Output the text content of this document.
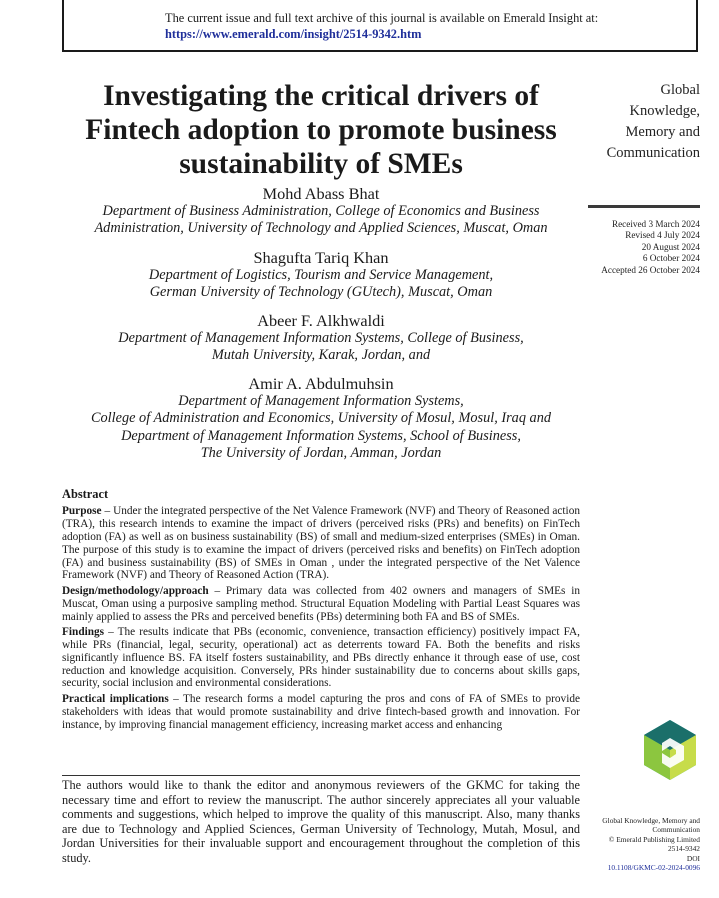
The current issue and full text archive of this journal is available on Emerald Insight at:
https://www.emerald.com/insight/2514-9342.htm
Investigating the critical drivers of
Fintech adoption to promote business
sustainability of SMEs
Global
Knowledge,
Memory and
Communication
Received 3 March 2024
Revised 4 July 2024
20 August 2024
6 October 2024
Accepted 26 October 2024
Mohd Abass Bhat
Department of Business Administration, College of Economics and Business
Administration, University of Technology and Applied Sciences, Muscat, Oman
Shagufta Tariq Khan
Department of Logistics, Tourism and Service Management,
German University of Technology (GUtech), Muscat, Oman
Abeer F. Alkhwaldi
Department of Management Information Systems, College of Business,
Mutah University, Karak, Jordan, and
Amir A. Abdulmuhsin
Department of Management Information Systems,
College of Administration and Economics, University of Mosul, Mosul, Iraq and
Department of Management Information Systems, School of Business,
The University of Jordan, Amman, Jordan
Abstract

Purpose – Under the integrated perspective of the Net Valence Framework (NVF) and Theory of Reasoned action (TRA), this research intends to examine the impact of drivers (perceived risks (PRs) and benefits) on FinTech adoption (FA) as well as on business sustainability (BS) of small and medium-sized enterprises (SMEs) in Oman. The purpose of this study is to examine the impact of drivers (perceived risks and benefits) on FinTech adoption (FA) and business sustainability (BS) of SMEs in Oman , under the integrated perspective of the Net Valence Framework (NVF) and Theory of Reasoned Action (TRA).

Design/methodology/approach – Primary data was collected from 402 owners and managers of SMEs in Muscat, Oman using a purposive sampling method. Structural Equation Modeling with Partial Least Squares was mainly applied to assess the PRs and perceived benefits (PBs) determining both FA and BS of SMEs.

Findings – The results indicate that PBs (economic, convenience, transaction efficiency) positively impact FA, while PRs (financial, legal, security, operational) act as deterrents toward FA. Both the benefits and risks significantly influence BS. FA itself fosters sustainability, and PBs directly enhance it through ease of use, cost reduction and knowledge acquisition. Conversely, PRs hinder sustainability due to concerns about skills gaps, security, social inclusion and environmental considerations.

Practical implications – The research forms a model capturing the pros and cons of FA of SMEs to provide stakeholders with ideas that would promote sustainability and drive fintech-based growth and innovation. For instance, by improving financial management efficiency, increasing market access and enhancing

The authors would like to thank the editor and anonymous reviewers of the GKMC for taking the necessary time and effort to review the manuscript. The author sincerely appreciates all your valuable comments and suggestions, which helped to improve the quality of this manuscript. Also, many thanks are due to Technology and Applied Sciences, German University of Technology, Mutah, Mosul, and Jordan Universities for their invaluable support and encouragement throughout the completion of this study.

Global Knowledge, Memory and
Communication
© Emerald Publishing Limited
2514-9342
DOI
10.1108/GKMC-02-2024-0096
